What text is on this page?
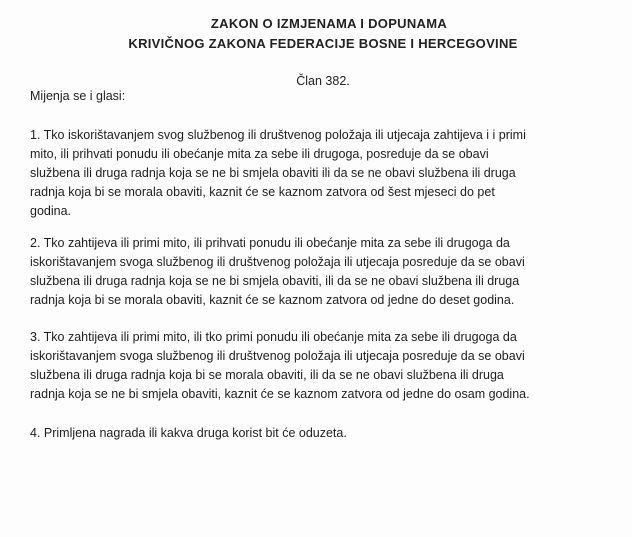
ZAKON O IZMJENAMA I DOPUNAMA
KRIVIČNOG ZAKONA FEDERACIJE BOSNE I HERCEGOVINE
Član 382.
Mijenja se i glasi:
1. Tko iskorištavanjem svog službenog ili društvenog položaja ili utjecaja zahtijeva i i primi
mito, ili prihvati ponudu ili obećanje mita za sebe ili drugoga, posreduje da se obavi
službena ili druga radnja koja se ne bi smjela obaviti ili da se ne obavi službena ili druga
radnja koja bi se morala obaviti, kaznit će se kaznom zatvora od šest mjeseci do pet
godina.
2. Tko zahtijeva ili primi mito, ili prihvati ponudu ili obećanje mita za sebe ili drugoga da
iskorištavanjem svoga službenog ili društvenog položaja ili utjecaja posreduje da se obavi
službena ili druga radnja koja se ne bi smjela obaviti, ili da se ne obavi službena ili druga
radnja koja bi se morala obaviti, kaznit će se kaznom zatvora od jedne do deset godina.
3. Tko zahtijeva ili primi mito, ili tko primi ponudu ili obećanje mita za sebe ili drugoga da
iskorištavanjem svoga službenog ili društvenog položaja ili utjecaja posreduje da se obavi
službena ili druga radnja koja bi se morala obaviti, ili da se ne obavi službena ili druga
radnja koja se ne bi smjela obaviti, kaznit će se kaznom zatvora od jedne do osam godina.
4. Primljena nagrada ili kakva druga korist bit će oduzeta.
